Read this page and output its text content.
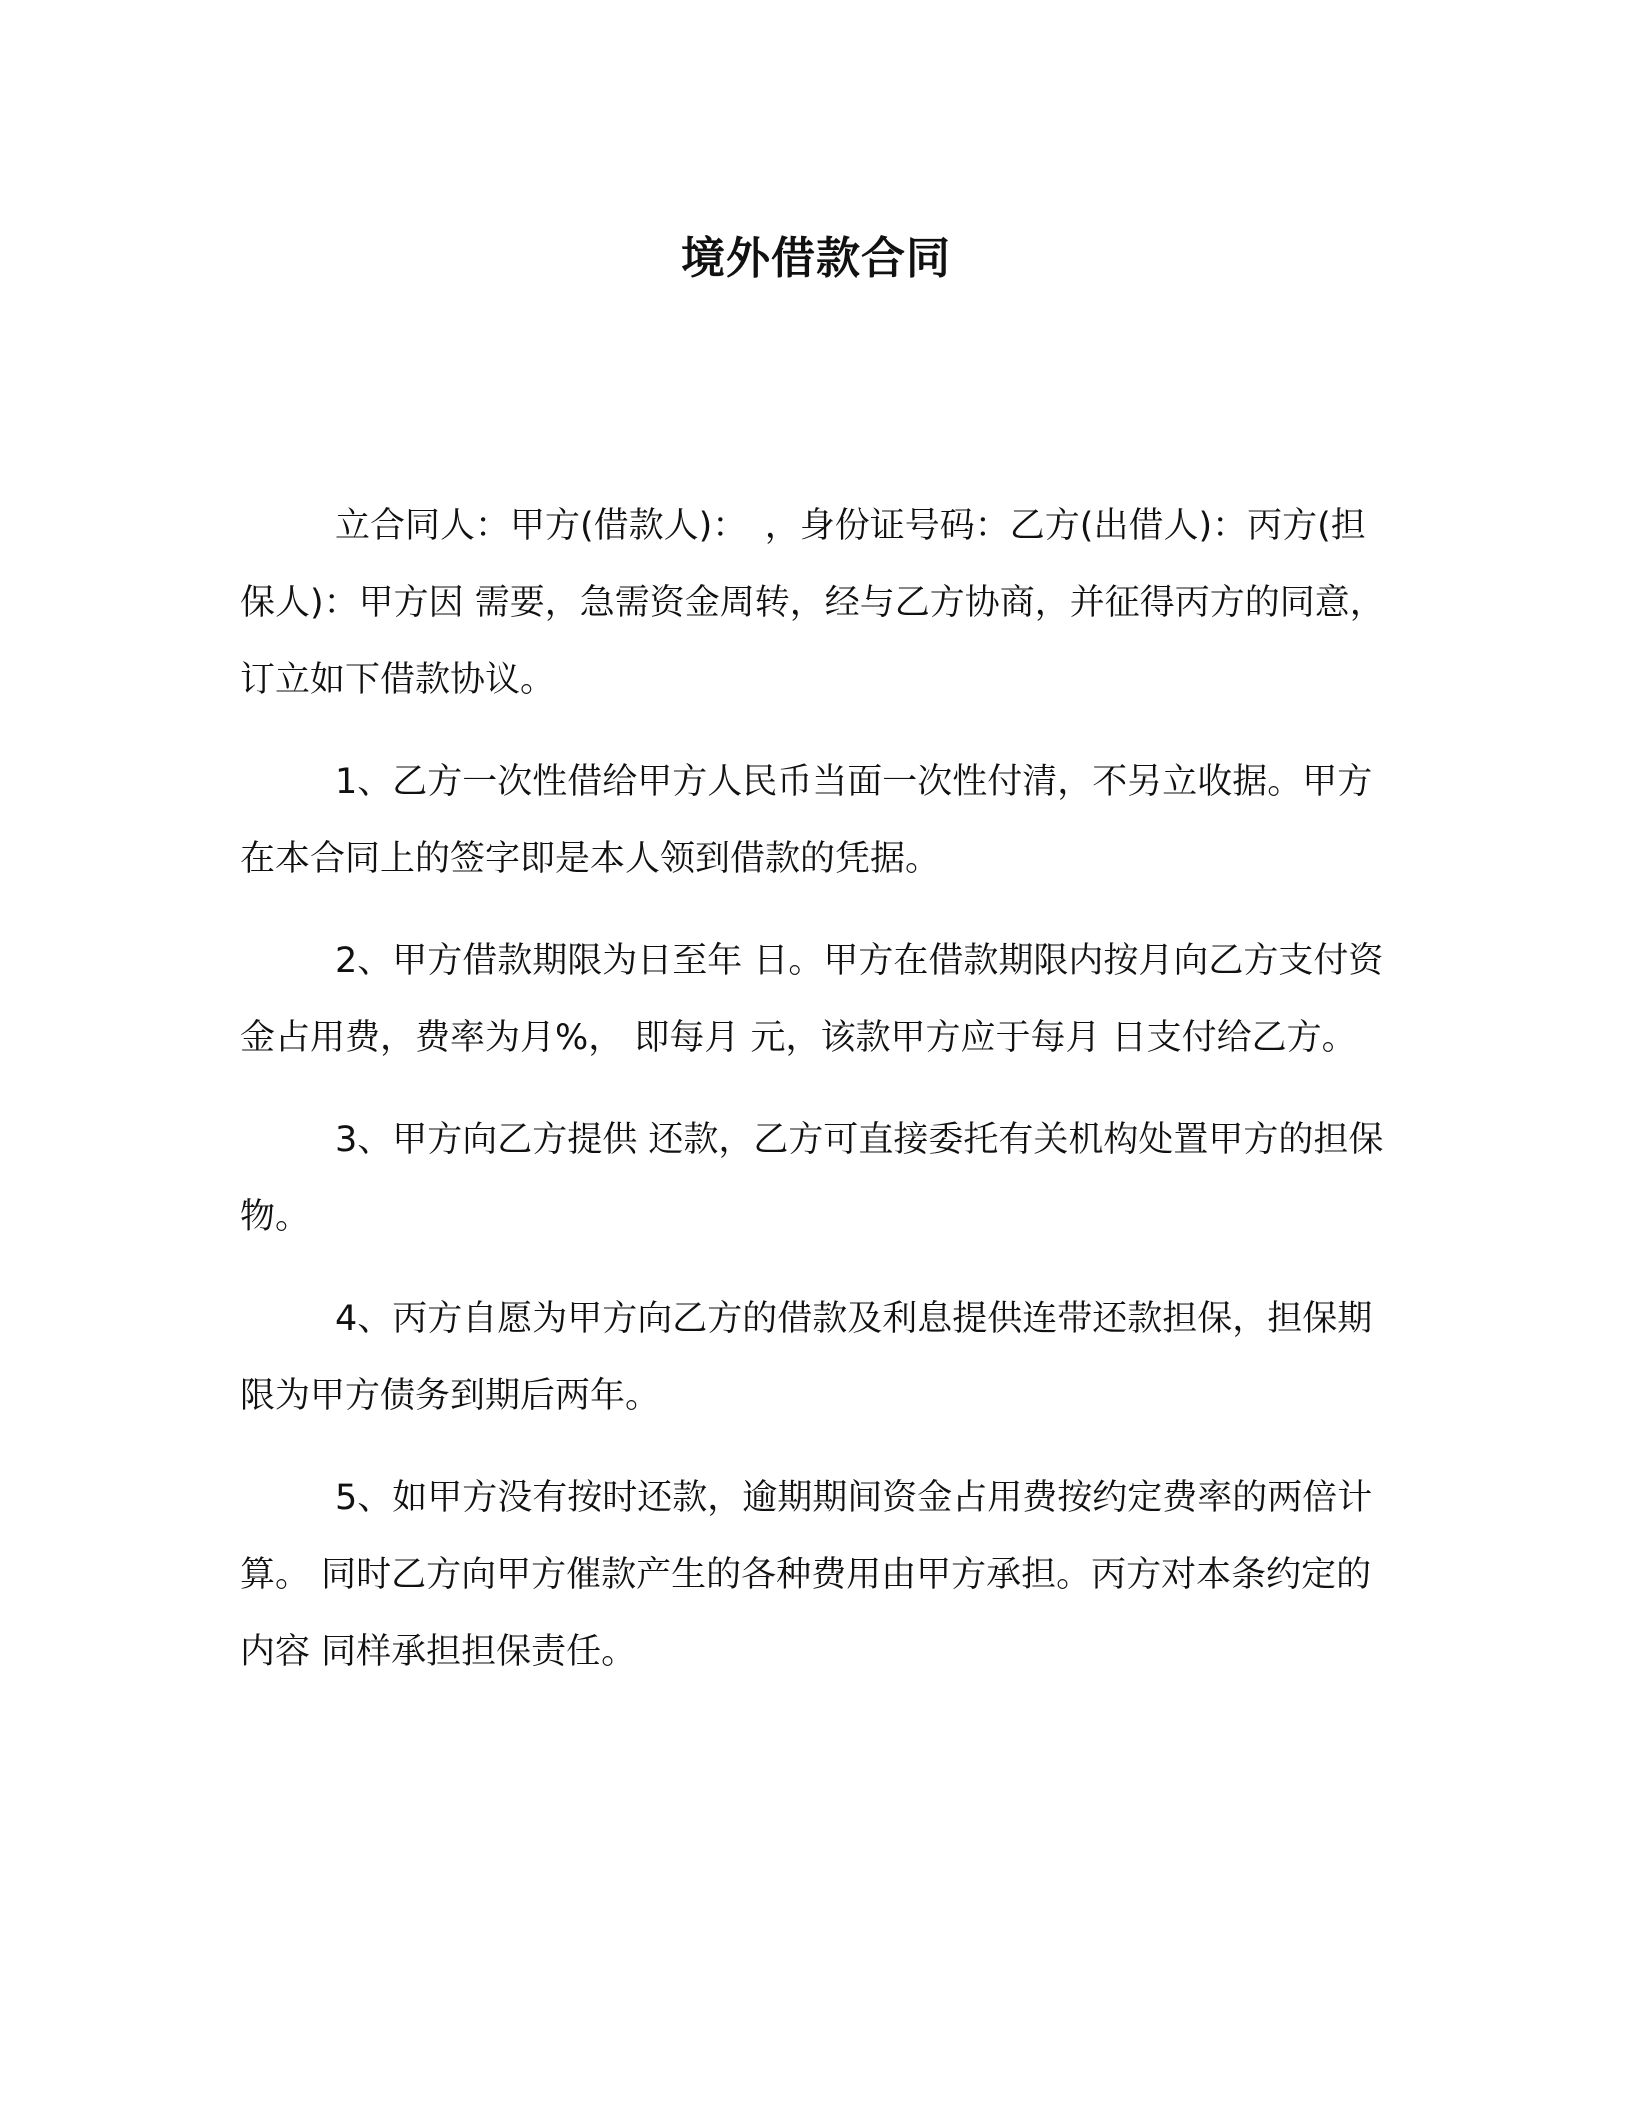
境外借款合同

立合同人：甲方(借款人)：　，身份证号码：乙方(出借人)：丙方(担保人)：甲方因 需要，急需资金周转，经与乙方协商，并征得丙方的同意，订立如下借款协议。

1、乙方一次性借给甲方人民币当面一次性付清，不另立收据。甲方在本合同上的签字即是本人领到借款的凭据。

2、甲方借款期限为日至年 日。甲方在借款期限内按月向乙方支付资金占用费，费率为月%， 即每月 元，该款甲方应于每月 日支付给乙方。

3、甲方向乙方提供 还款，乙方可直接委托有关机构处置甲方的担保物。

4、丙方自愿为甲方向乙方的借款及利息提供连带还款担保，担保期限为甲方债务到期后两年。

5、如甲方没有按时还款，逾期期间资金占用费按约定费率的两倍计算。 同时乙方向甲方催款产生的各种费用由甲方承担。丙方对本条约定的内容 同样承担担保责任。
